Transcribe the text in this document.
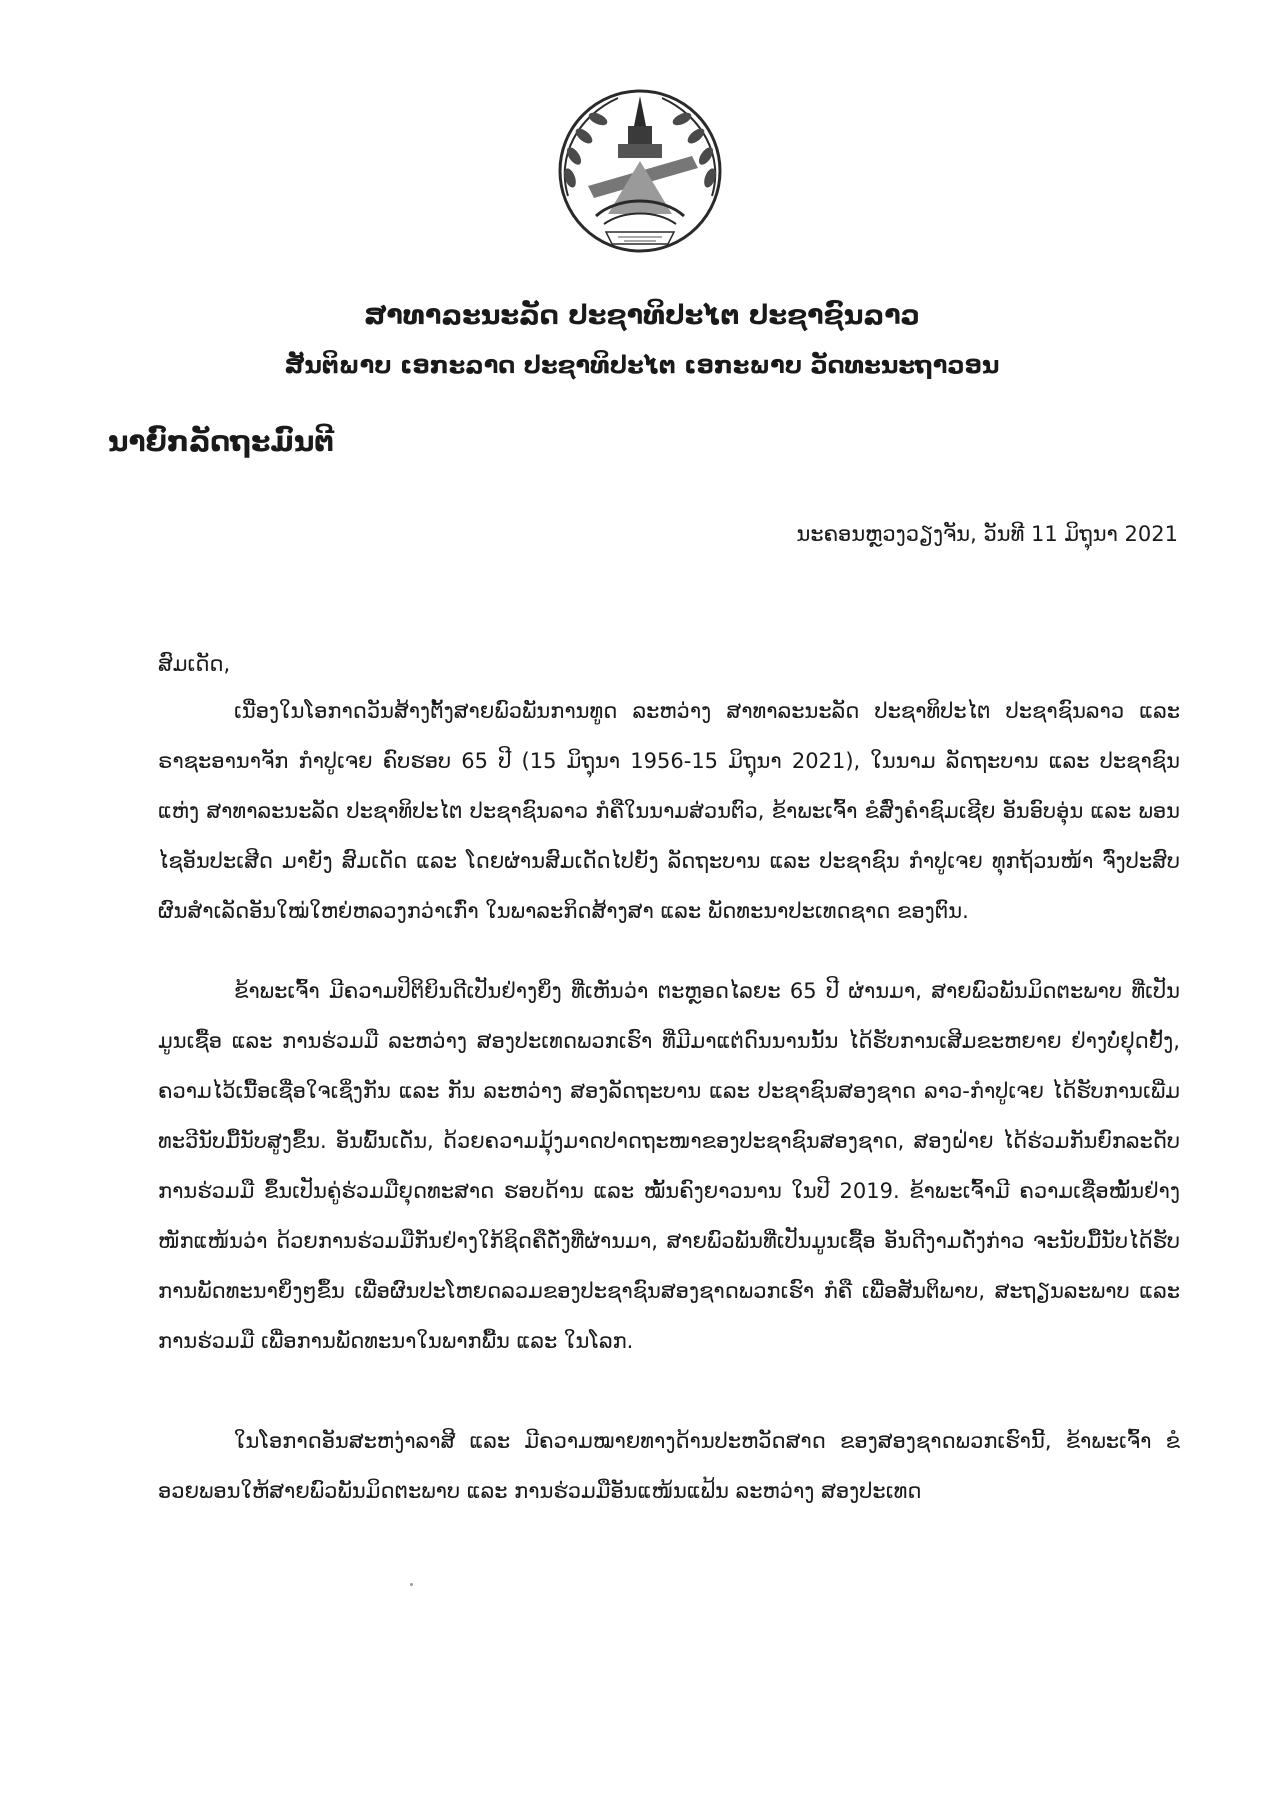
ສາທາລະນະລັດ ປະຊາທິປະໄຕ ປະຊາຊົນລາວ
ສັນຕິພາບ ເອກະລາດ ປະຊາທິປະໄຕ ເອກະພາບ ວັດທະນະຖາວອນ
ນາຍົກລັດຖະມົນຕີ
ນະຄອນຫຼວງວຽງຈັນ, ວັນທີ 11 ມິຖຸນາ 2021
ສົມເດັດ,

ເນື່ອງໃນໂອກາດວັນສ້າງຕັ້ງສາຍພົວພັນການທູດ ລະຫວ່າງ ສາທາລະນະລັດ ປະຊາທິປະໄຕ ປະຊາຊົນລາວ ແລະ ຣາຊະອານາຈັກ ກຳປູເຈຍ ຄົບຮອບ 65 ປີ (15 ມິຖຸນາ 1956-15 ມິຖຸນາ 2021), ໃນນາມ ລັດຖະບານ ແລະ ປະຊາຊົນ ແຫ່ງ ສາທາລະນະລັດ ປະຊາທິປະໄຕ ປະຊາຊົນລາວ ກໍຄືໃນນາມສ່ວນຕົວ, ຂ້າພະເຈົ້າ ຂໍສົ່ງຄຳຊົມເຊີຍ ອັນອົບອຸ່ນ ແລະ ພອນໄຊອັນປະເສີດ ມາຍັງ ສົມເດັດ ແລະ ໂດຍຜ່ານສົມເດັດໄປຍັງ ລັດຖະບານ ແລະ ປະຊາຊົນ ກຳປູເຈຍ ທຸກຖ້ວນໜ້າ ຈົ່ງປະສົບຜົນສຳເລັດອັນໃໝ່ໃຫຍ່ຫລວງກວ່າເກົ່າ ໃນພາລະກິດສ້າງສາ ແລະ ພັດທະນາປະເທດຊາດ ຂອງຕົນ.

ຂ້າພະເຈົ້າ ມີຄວາມປິຕິຍິນດີເປັນຢ່າງຍິ່ງ ທີ່ເຫັນວ່າ ຕະຫຼອດໄລຍະ 65 ປີ ຜ່ານມາ, ສາຍພົວພັນມິດຕະພາບ ທີ່ເປັນມູນເຊື້ອ ແລະ ການຮ່ວມມື ລະຫວ່າງ ສອງປະເທດພວກເຮົາ ທີ່ມີມາແຕ່ດົນນານນັ້ນ ໄດ້ຮັບການເສີມຂະຫຍາຍ ຢ່າງບໍ່ຢຸດຢັ້ງ, ຄວາມໄວ້ເນື້ອເຊື່ອໃຈເຊິ່ງກັນ ແລະ ກັນ ລະຫວ່າງ ສອງລັດຖະບານ ແລະ ປະຊາຊົນສອງຊາດ ລາວ-ກຳປູເຈຍ ໄດ້ຮັບການເພີ່ມທະວີນັບມື້ນັບສູງຂຶ້ນ. ອັນພົ້ນເດັ່ນ, ດ້ວຍຄວາມມຸ້ງມາດປາດຖະໜາຂອງປະຊາຊົນສອງຊາດ, ສອງຝ່າຍ ໄດ້ຮ່ວມກັນຍົກລະດັບການຮ່ວມມື ຂຶ້ນເປັນຄູ່ຮ່ວມມືຍຸດທະສາດ ຮອບດ້ານ ແລະ ໝັ້ນຄົງຍາວນານ ໃນປີ 2019. ຂ້າພະເຈົ້າມີ ຄວາມເຊື່ອໝັ້ນຢ່າງໜັກແໜ້ນວ່າ ດ້ວຍການຮ່ວມມືກັນຢ່າງໃກ້ຊິດຄືດັ່ງທີ່ຜ່ານມາ, ສາຍພົວພັນທີ່ເປັນມູນເຊື້ອ ອັນດີງາມດັ່ງກ່າວ ຈະນັບມື້ນັບໄດ້ຮັບການພັດທະນາຍິ່ງໆຂຶ້ນ ເພື່ອຜົນປະໂຫຍດລວມຂອງປະຊາຊົນສອງຊາດພວກເຮົາ ກໍຄື ເພື່ອສັນຕິພາບ, ສະຖຽນລະພາບ ແລະ ການຮ່ວມມື ເພື່ອການພັດທະນາໃນພາກພື້ນ ແລະ ໃນໂລກ.

ໃນໂອກາດອັນສະຫງ່າລາສີ ແລະ ມີຄວາມໝາຍທາງດ້ານປະຫວັດສາດ ຂອງສອງຊາດພວກເຮົານີ້, ຂ້າພະເຈົ້າ ຂໍອວຍພອນໃຫ້ສາຍພົວພັນມິດຕະພາບ ແລະ ການຮ່ວມມືອັນແໜ້ນແຟ້ນ ລະຫວ່າງ ສອງປະເທດ
